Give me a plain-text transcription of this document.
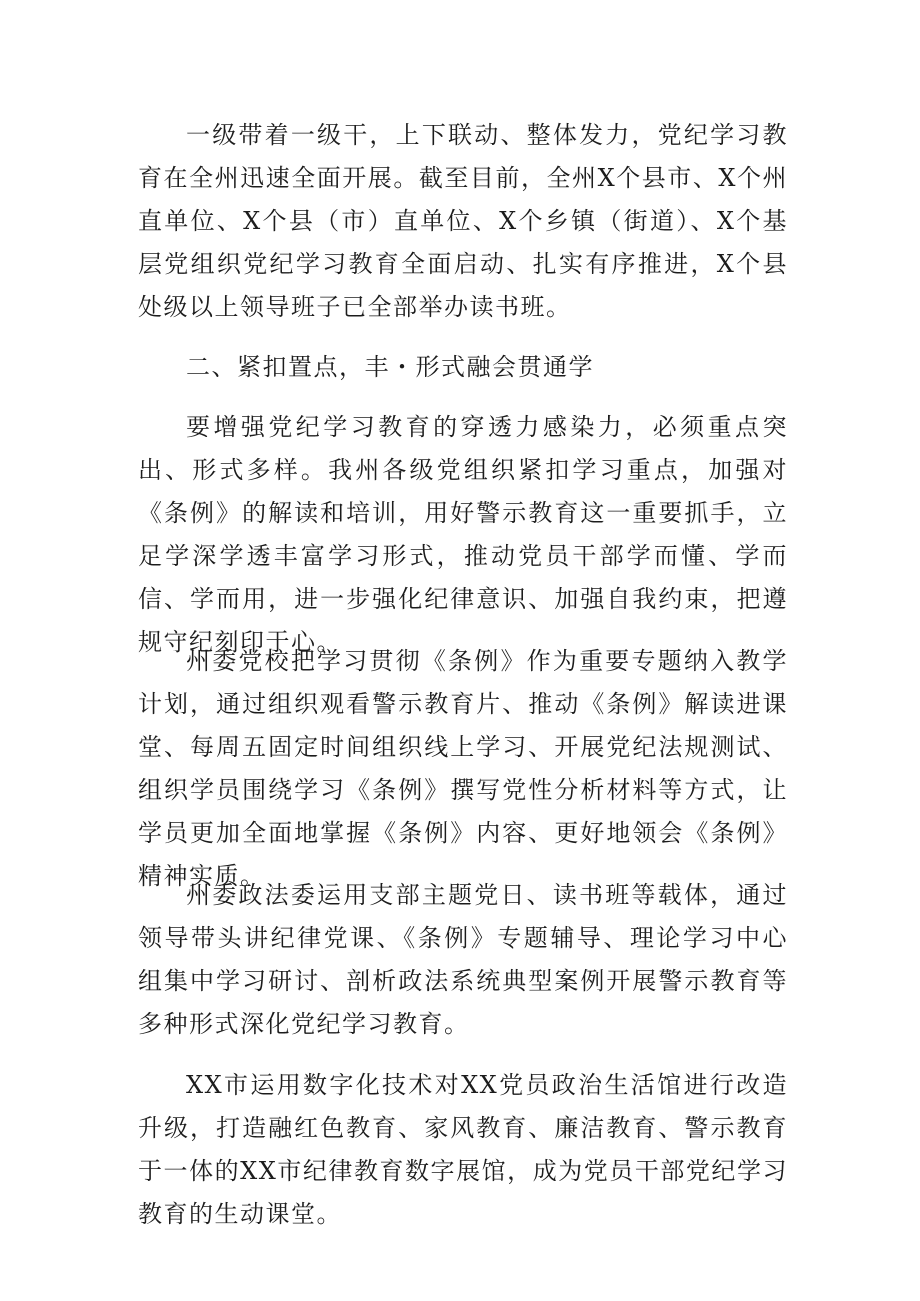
一级带着一级干，上下联动、整体发力，党纪学习教育在全州迅速全面开展。截至目前，全州X个县市、X个州直单位、X个县（市）直单位、X个乡镇（街道）、X个基层党组织党纪学习教育全面启动、扎实有序推进，X个县处级以上领导班子已全部举办读书班。

二、紧扣置点，丰・形式融会贯通学

要增强党纪学习教育的穿透力感染力，必须重点突出、形式多样。我州各级党组织紧扣学习重点，加强对《条例》的解读和培训，用好警示教育这一重要抓手，立足学深学透丰富学习形式，推动党员干部学而懂、学而信、学而用，进一步强化纪律意识、加强自我约束，把遵规守纪刻印于心。

州委党校把学习贯彻《条例》作为重要专题纳入教学计划，通过组织观看警示教育片、推动《条例》解读进课堂、每周五固定时间组织线上学习、开展党纪法规测试、组织学员围绕学习《条例》撰写党性分析材料等方式，让学员更加全面地掌握《条例》内容、更好地领会《条例》精神实质。

州委政法委运用支部主题党日、读书班等载体，通过领导带头讲纪律党课、《条例》专题辅导、理论学习中心组集中学习研讨、剖析政法系统典型案例开展警示教育等多种形式深化党纪学习教育。

XX市运用数字化技术对XX党员政治生活馆进行改造升级，打造融红色教育、家风教育、廉洁教育、警示教育于一体的XX市纪律教育数字展馆，成为党员干部党纪学习教育的生动课堂。
